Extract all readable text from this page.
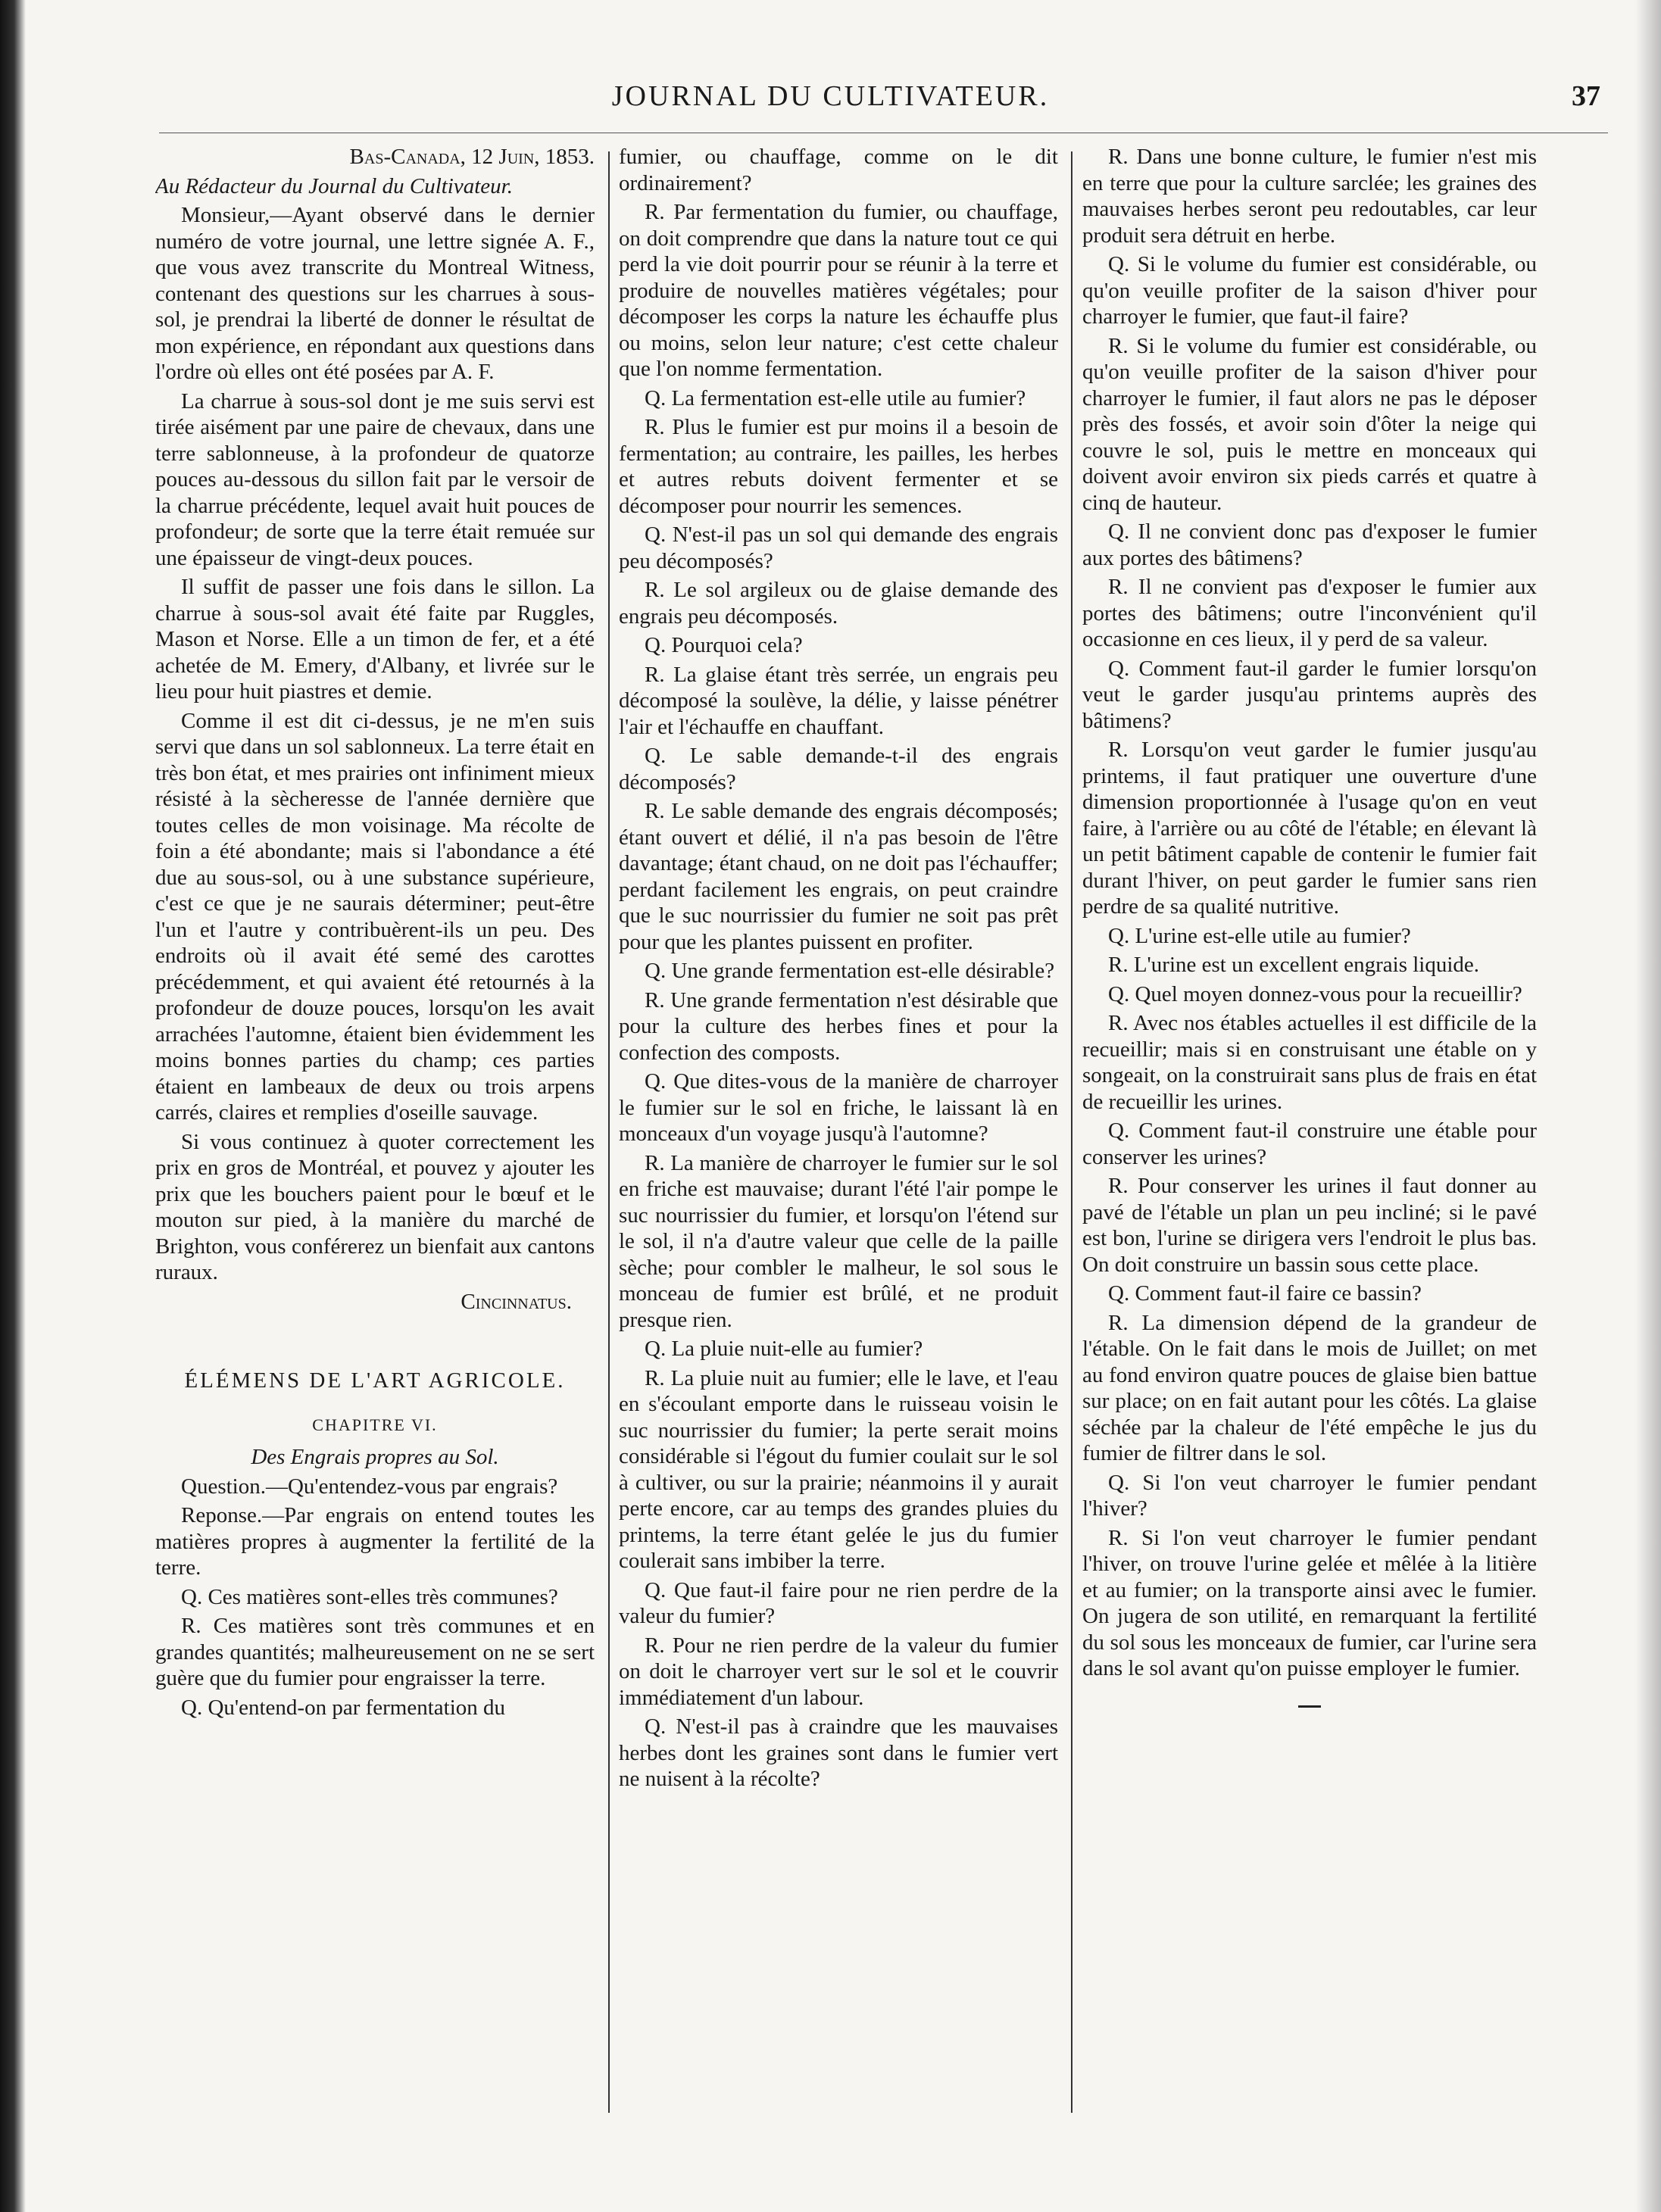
JOURNAL DU CULTIVATEUR.	37

Bas-Canada, 12 Juin, 1853.

Au Rédacteur du Journal du Cultivateur.

Monsieur,—Ayant observé dans le dernier numéro de votre journal, une lettre signée A. F., que vous avez transcrite du Montreal Witness, contenant des questions sur les charrues à sous-sol, je prendrai la liberté de donner le résultat de mon expérience, en répondant aux questions dans l'ordre où elles ont été posées par A. F.

La charrue à sous-sol dont je me suis servi est tirée aisément par une paire de chevaux, dans une terre sablonneuse, à la profondeur de quatorze pouces au-dessous du sillon fait par le versoir de la charrue précédente, lequel avait huit pouces de profondeur; de sorte que la terre était remuée sur une épaisseur de vingt-deux pouces.

Il suffit de passer une fois dans le sillon. La charrue à sous-sol avait été faite par Ruggles, Mason et Norse. Elle a un timon de fer, et a été achetée de M. Emery, d'Albany, et livrée sur le lieu pour huit piastres et demie.

Comme il est dit ci-dessus, je ne m'en suis servi que dans un sol sablonneux. La terre était en très bon état, et mes prairies ont infiniment mieux résisté à la sècheresse de l'année dernière que toutes celles de mon voisinage. Ma récolte de foin a été abondante; mais si l'abondance a été due au sous-sol, ou à une substance supérieure, c'est ce que je ne saurais déterminer; peut-être l'un et l'autre y contribuèrent-ils un peu. Des endroits où il avait été semé des carottes précédemment, et qui avaient été retournés à la profondeur de douze pouces, lorsqu'on les avait arrachées l'automne, étaient bien évidemment les moins bonnes parties du champ; ces parties étaient en lambeaux de deux ou trois arpens carrés, claires et remplies d'oseille sauvage.

Si vous continuez à quoter correctement les prix en gros de Montréal, et pouvez y ajouter les prix que les bouchers paient pour le bœuf et le mouton sur pied, à la manière du marché de Brighton, vous conférerez un bienfait aux cantons ruraux.

Cincinnatus.

ÉLÉMENS DE L'ART AGRICOLE.

CHAPITRE VI.

Des Engrais propres au Sol.

Question.—Qu'entendez-vous par engrais?

Reponse.—Par engrais on entend toutes les matières propres à augmenter la fertilité de la terre.

Q. Ces matières sont-elles très communes?

R. Ces matières sont très communes et en grandes quantités; malheureusement on ne se sert guère que du fumier pour engraisser la terre.

Q. Qu'entend-on par fermentation du

fumier, ou chauffage, comme on le dit ordinairement?

R. Par fermentation du fumier, ou chauffage, on doit comprendre que dans la nature tout ce qui perd la vie doit pourrir pour se réunir à la terre et produire de nouvelles matières végétales; pour décomposer les corps la nature les échauffe plus ou moins, selon leur nature; c'est cette chaleur que l'on nomme fermentation.

Q. La fermentation est-elle utile au fumier?

R. Plus le fumier est pur moins il a besoin de fermentation; au contraire, les pailles, les herbes et autres rebuts doivent fermenter et se décomposer pour nourrir les semences.

Q. N'est-il pas un sol qui demande des engrais peu décomposés?

R. Le sol argileux ou de glaise demande des engrais peu décomposés.

Q. Pourquoi cela?

R. La glaise étant très serrée, un engrais peu décomposé la soulève, la délie, y laisse pénétrer l'air et l'échauffe en chauffant.

Q. Le sable demande-t-il des engrais décomposés?

R. Le sable demande des engrais décomposés; étant ouvert et délié, il n'a pas besoin de l'être davantage; étant chaud, on ne doit pas l'échauffer; perdant facilement les engrais, on peut craindre que le suc nourrissier du fumier ne soit pas prêt pour que les plantes puissent en profiter.

Q. Une grande fermentation est-elle désirable?

R. Une grande fermentation n'est désirable que pour la culture des herbes fines et pour la confection des composts.

Q. Que dites-vous de la manière de charroyer le fumier sur le sol en friche, le laissant là en monceaux d'un voyage jusqu'à l'automne?

R. La manière de charroyer le fumier sur le sol en friche est mauvaise; durant l'été l'air pompe le suc nourrissier du fumier, et lorsqu'on l'étend sur le sol, il n'a d'autre valeur que celle de la paille sèche; pour combler le malheur, le sol sous le monceau de fumier est brûlé, et ne produit presque rien.

Q. La pluie nuit-elle au fumier?

R. La pluie nuit au fumier; elle le lave, et l'eau en s'écoulant emporte dans le ruisseau voisin le suc nourrissier du fumier; la perte serait moins considérable si l'égout du fumier coulait sur le sol à cultiver, ou sur la prairie; néanmoins il y aurait perte encore, car au temps des grandes pluies du printems, la terre étant gelée le jus du fumier coulerait sans imbiber la terre.

Q. Que faut-il faire pour ne rien perdre de la valeur du fumier?

R. Pour ne rien perdre de la valeur du fumier on doit le charroyer vert sur le sol et le couvrir immédiatement d'un labour.

Q. N'est-il pas à craindre que les mauvaises herbes dont les graines sont dans le fumier vert ne nuisent à la récolte?

R. Dans une bonne culture, le fumier n'est mis en terre que pour la culture sarclée; les graines des mauvaises herbes seront peu redoutables, car leur produit sera détruit en herbe.

Q. Si le volume du fumier est considérable, ou qu'on veuille profiter de la saison d'hiver pour charroyer le fumier, que faut-il faire?

R. Si le volume du fumier est considérable, ou qu'on veuille profiter de la saison d'hiver pour charroyer le fumier, il faut alors ne pas le déposer près des fossés, et avoir soin d'ôter la neige qui couvre le sol, puis le mettre en monceaux qui doivent avoir environ six pieds carrés et quatre à cinq de hauteur.

Q. Il ne convient donc pas d'exposer le fumier aux portes des bâtimens?

R. Il ne convient pas d'exposer le fumier aux portes des bâtimens; outre l'inconvénient qu'il occasionne en ces lieux, il y perd de sa valeur.

Q. Comment faut-il garder le fumier lorsqu'on veut le garder jusqu'au printems auprès des bâtimens?

R. Lorsqu'on veut garder le fumier jusqu'au printems, il faut pratiquer une ouverture d'une dimension proportionnée à l'usage qu'on en veut faire, à l'arrière ou au côté de l'étable; en élevant là un petit bâtiment capable de contenir le fumier fait durant l'hiver, on peut garder le fumier sans rien perdre de sa qualité nutritive.

Q. L'urine est-elle utile au fumier?

R. L'urine est un excellent engrais liquide.

Q. Quel moyen donnez-vous pour la recueillir?

R. Avec nos étables actuelles il est difficile de la recueillir; mais si en construisant une étable on y songeait, on la construirait sans plus de frais en état de recueillir les urines.

Q. Comment faut-il construire une étable pour conserver les urines?

R. Pour conserver les urines il faut donner au pavé de l'étable un plan un peu incliné; si le pavé est bon, l'urine se dirigera vers l'endroit le plus bas. On doit construire un bassin sous cette place.

Q. Comment faut-il faire ce bassin?

R. La dimension dépend de la grandeur de l'étable. On le fait dans le mois de Juillet; on met au fond environ quatre pouces de glaise bien battue sur place; on en fait autant pour les côtés. La glaise séchée par la chaleur de l'été empêche le jus du fumier de filtrer dans le sol.

Q. Si l'on veut charroyer le fumier pendant l'hiver?

R. Si l'on veut charroyer le fumier pendant l'hiver, on trouve l'urine gelée et mêlée à la litière et au fumier; on la transporte ainsi avec le fumier. On jugera de son utilité, en remarquant la fertilité du sol sous les monceaux de fumier, car l'urine sera dans le sol avant qu'on puisse employer le fumier.
